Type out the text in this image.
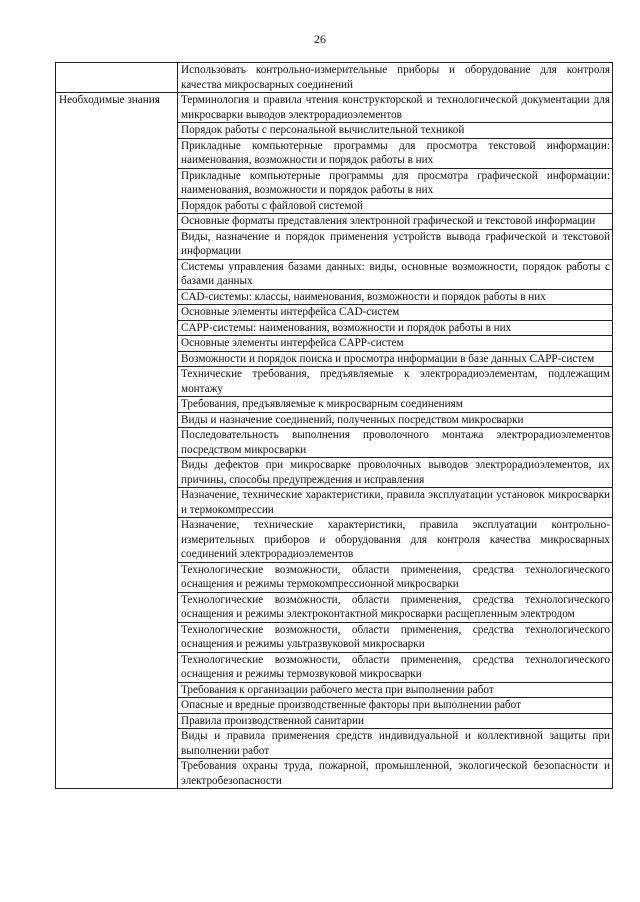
26
	Использовать контрольно-измерительные приборы и оборудование для контроля качества микросварных соединений

Необходимые знания	Терминология и правила чтения конструкторской и технологической документации для микросварки выводов электрорадиоэлементов
	Порядок работы с персональной вычислительной техникой
	Прикладные компьютерные программы для просмотра текстовой информации: наименования, возможности и порядок работы в них
	Прикладные компьютерные программы для просмотра графической информации: наименования, возможности и порядок работы в них
	Порядок работы с файловой системой
	Основные форматы представления электронной графической и текстовой информации
	Виды, назначение и порядок применения устройств вывода графической и текстовой информации
	Системы управления базами данных: виды, основные возможности, порядок работы с базами данных
	CAD-системы: классы, наименования, возможности и порядок работы в них
	Основные элементы интерфейса CAD-систем
	CAPP-системы: наименования, возможности и порядок работы в них
	Основные элементы интерфейса CAPP-систем
	Возможности и порядок поиска и просмотра информации в базе данных CAPP-систем
	Технические требования, предъявляемые к электрорадиоэлементам, подлежащим монтажу
	Требования, предъявляемые к микросварным соединениям
	Виды и назначение соединений, полученных посредством микросварки
	Последовательность выполнения проволочного монтажа электрорадиоэлементов посредством микросварки
	Виды дефектов при микросварке проволочных выводов электрорадиоэлементов, их причины, способы предупреждения и исправления
	Назначение, технические характеристики, правила эксплуатации установок микросварки и термокомпрессии
	Назначение, технические характеристики, правила эксплуатации контрольно-измерительных приборов и оборудования для контроля качества микросварных соединений электрорадиоэлементов
	Технологические возможности, области применения, средства технологического оснащения и режимы термокомпрессионной микросварки
	Технологические возможности, области применения, средства технологического оснащения и режимы электроконтактной микросварки расщепленным электродом
	Технологические возможности, области применения, средства технологического оснащения и режимы ультразвуковой микросварки
	Технологические возможности, области применения, средства технологического оснащения и режимы термозвуковой микросварки
	Требования к организации рабочего места при выполнении работ
	Опасные и вредные производственные факторы при выполнении работ
	Правила производственной санитарии
	Виды и правила применения средств индивидуальной и коллективной защиты при выполнении работ
	Требования охраны труда, пожарной, промышленной, экологической безопасности и электробезопасности
